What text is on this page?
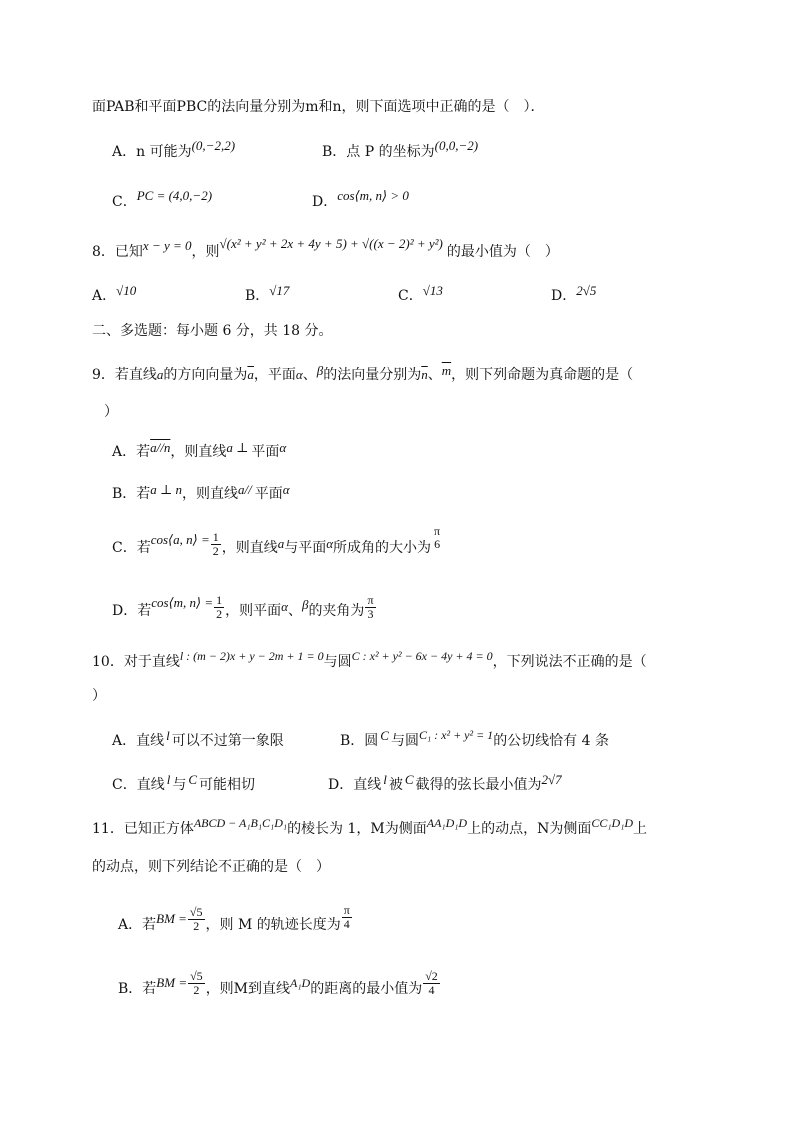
面PAB和平面PBC的法向量分别为m和n，则下面选项中正确的是（　）．
A．n 可能为(0,−2,2)	B．点 P 的坐标为(0,0,−2)
C．PC = (4,0,−2)	D．cos⟨m, n⟩ > 0
8．已知x − y = 0，则√(x² + y² + 2x + 4y + 5) + √((x − 2)² + y²)的最小值为（　）
A．√10	B．√17	C．√13	D．2√5
二、多选题：每小题 6 分，共 18 分。
9．若直线a的方向向量为$\overline{a}$，平面α、β的法向量分别为$\overline{n}$、$\overline{m}$，则下列命题为真命题的是（
）
A．若a//n，则直线a ⊥ 平面α
B．若a ⊥ n，则直线a// 平面α
C．若cos⟨a, n⟩ = $\frac{1}{2}$ ，则直线a与平面α所成角的大小为
π
6
D．若cos⟨m, n⟩ = $\frac{1}{2}$ ，则平面α、β的夹角为 $\frac{\pi}{3}$
10．对于直线l : (m − 2)x + y − 2m + 1 = 0与圆C : x² + y² − 6x − 4y + 4 = 0，下列说法不正确的是（
）
A．直线 l 可以不过第一象限	B．圆 C 与圆C₁ : x² + y² = 1的公切线恰有 4 条
C．直线 l 与 C 可能相切	D．直线 l 被 C 截得的弦长最小值为2√7
11．已知正方体ABCD − A₁B₁C₁D₁的棱长为 1，M为侧面AA₁D₁D上的动点，N为侧面CC₁D₁D上
的动点，则下列结论不正确的是（　）
A．若BM = $\frac{√5}{2}$ ，则 M 的轨迹长度为 $\frac{\pi}{4}$
B．若BM = $\frac{√5}{2}$ ，则M到直线A₁D的距离的最小值为 $\frac{√2}{4}$
